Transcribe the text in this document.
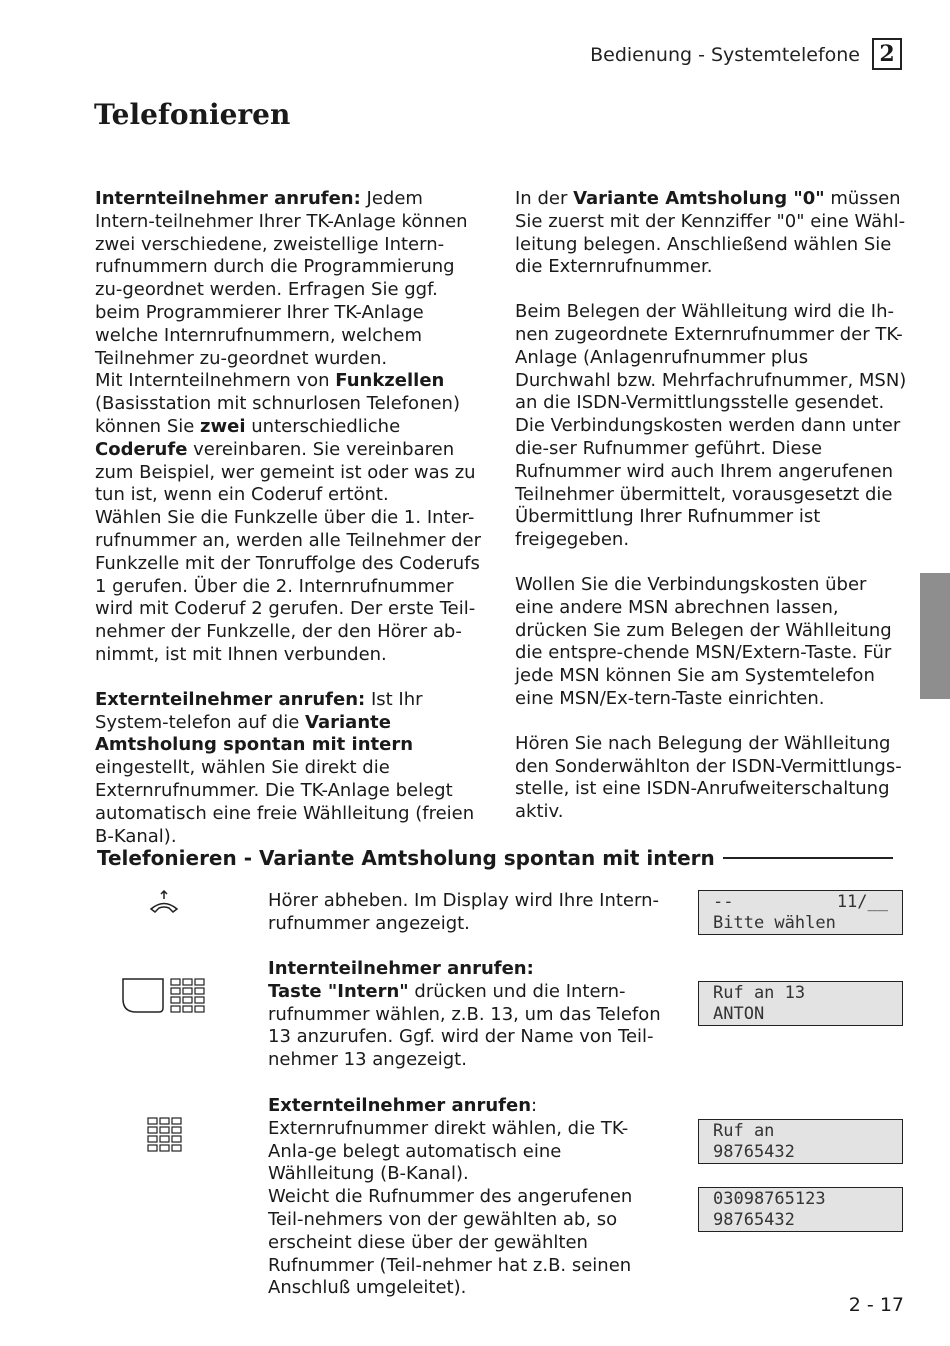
Bedienung - Systemtelefone 2
Telefonieren

Internteilnehmer anrufen: Jedem Intern-teilnehmer Ihrer TK-Anlage können zwei verschiedene, zweistellige Intern-rufnummern durch die Programmierung zu-geordnet werden. Erfragen Sie ggf. beim Programmierer Ihrer TK-Anlage welche Internrufnummern, welchem Teilnehmer zu-geordnet wurden.

Mit Internteilnehmern von Funkzellen (Basisstation mit schnurlosen Telefonen) können Sie zwei unterschiedliche Coderufe vereinbaren. Sie vereinbaren zum Beispiel, wer gemeint ist oder was zu tun ist, wenn ein Coderuf ertönt.

Wählen Sie die Funkzelle über die 1. Inter-rufnummer an, werden alle Teilnehmer der Funkzelle mit der Tonruffolge des Coderufs 1 gerufen. Über die 2. Internrufnummer wird mit Coderuf 2 gerufen. Der erste Teil-nehmer der Funkzelle, der den Hörer ab-nimmt, ist mit Ihnen verbunden.

Externteilnehmer anrufen: Ist Ihr System-telefon auf die Variante Amtsholung spontan mit intern eingestellt, wählen Sie direkt die Externrufnummer. Die TK-Anlage belegt automatisch eine freie Wählleitung (freien B-Kanal).

In der Variante Amtsholung "0" müssen Sie zuerst mit der Kennziffer "0" eine Wähl-leitung belegen. Anschließend wählen Sie die Externrufnummer.

Beim Belegen der Wählleitung wird die Ih-nen zugeordnete Externrufnummer der TK-Anlage (Anlagenrufnummer plus Durchwahl bzw. Mehrfachrufnummer, MSN) an die ISDN-Vermittlungsstelle gesendet. Die Verbindungskosten werden dann unter die-ser Rufnummer geführt. Diese Rufnummer wird auch Ihrem angerufenen Teilnehmer übermittelt, vorausgesetzt die Übermittlung Ihrer Rufnummer ist freigegeben.

Wollen Sie die Verbindungskosten über eine andere MSN abrechnen lassen, drücken Sie zum Belegen der Wählleitung die entspre-chende MSN/Extern-Taste. Für jede MSN können Sie am Systemtelefon eine MSN/Ex-tern-Taste einrichten.

Hören Sie nach Belegung der Wählleitung den Sonderwählton der ISDN-Vermittlungs-stelle, ist eine ISDN-Anrufweiterschaltung aktiv.

Telefonieren - Variante Amtsholung spontan mit intern

Hörer abheben. Im Display wird Ihre Intern-rufnummer angezeigt.

--	11/__
Bitte wählen

Internteilnehmer anrufen:

Taste "Intern" drücken und die Intern-rufnummer wählen, z.B. 13, um das Telefon 13 anzurufen. Ggf. wird der Name von Teil-nehmer 13 angezeigt.

Ruf an 13
ANTON

Externteilnehmer anrufen:

Externrufnummer direkt wählen, die TK-Anla-ge belegt automatisch eine Wählleitung (B-Kanal).

Weicht die Rufnummer des angerufenen Teil-nehmers von der gewählten ab, so erscheint diese über der gewählten Rufnummer (Teil-nehmer hat z.B. seinen Anschluß umgeleitet).

Ruf an
98765432
03098765123
98765432
2 - 17
